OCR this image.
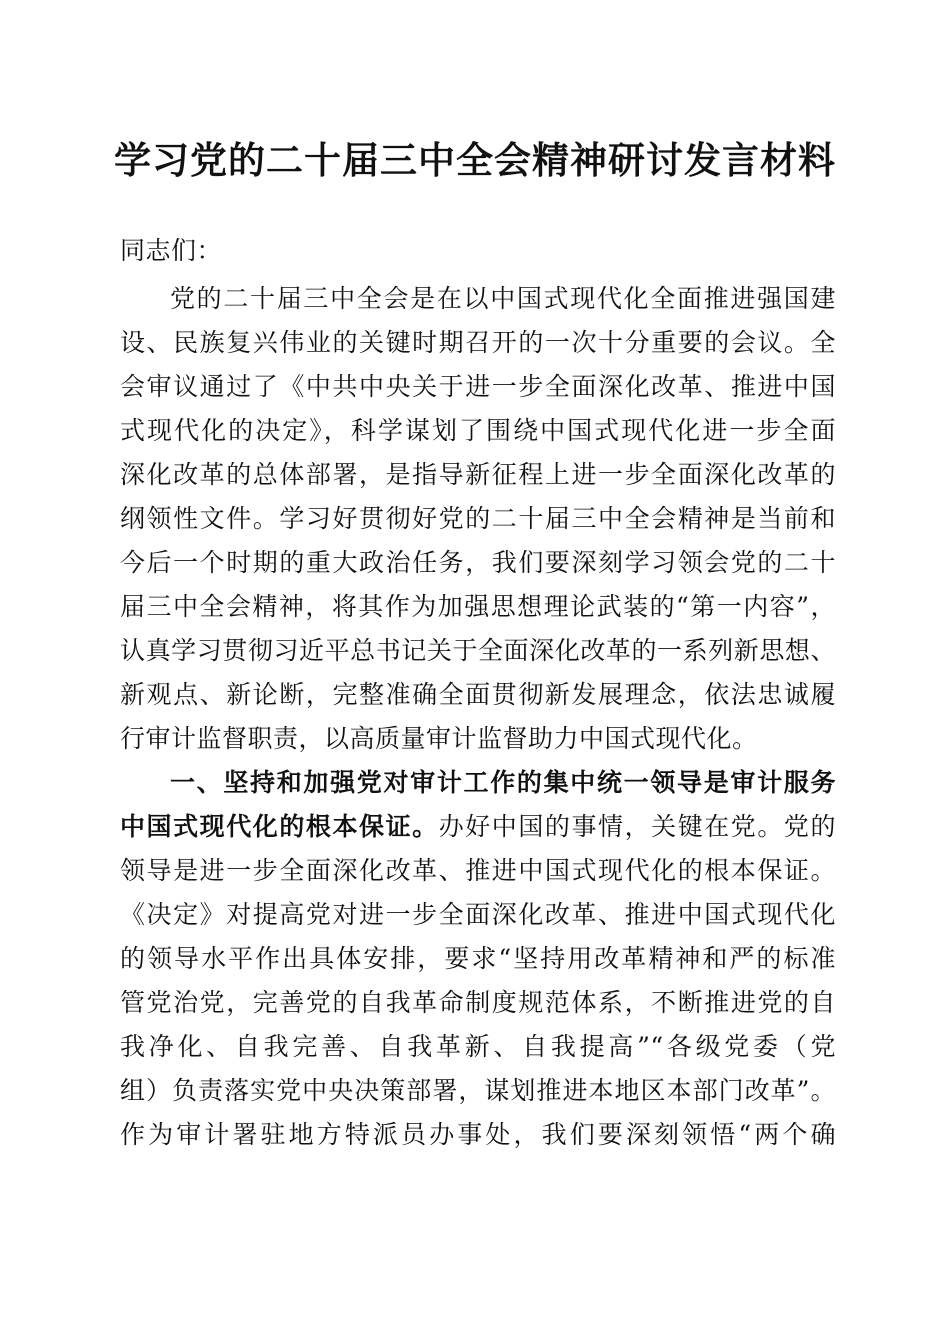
学习党的二十届三中全会精神研讨发言材料
同志们：
党的二十届三中全会是在以中国式现代化全面推进强国建
设、民族复兴伟业的关键时期召开的一次十分重要的会议。全
会审议通过了《中共中央关于进一步全面深化改革、推进中国
式现代化的决定》，科学谋划了围绕中国式现代化进一步全面
深化改革的总体部署，是指导新征程上进一步全面深化改革的
纲领性文件。学习好贯彻好党的二十届三中全会精神是当前和
今后一个时期的重大政治任务，我们要深刻学习领会党的二十
届三中全会精神，将其作为加强思想理论武装的“第一内容”，
认真学习贯彻习近平总书记关于全面深化改革的一系列新思想、
新观点、新论断，完整准确全面贯彻新发展理念，依法忠诚履
行审计监督职责，以高质量审计监督助力中国式现代化。
一、坚持和加强党对审计工作的集中统一领导是审计服务
中国式现代化的根本保证。办好中国的事情，关键在党。党的
领导是进一步全面深化改革、推进中国式现代化的根本保证。
《决定》对提高党对进一步全面深化改革、推进中国式现代化
的领导水平作出具体安排，要求“坚持用改革精神和严的标准
管党治党，完善党的自我革命制度规范体系，不断推进党的自
我净化、自我完善、自我革新、自我提高”“各级党委（党
组）负责落实党中央决策部署，谋划推进本地区本部门改革”。
作为审计署驻地方特派员办事处，我们要深刻领悟“两个确
